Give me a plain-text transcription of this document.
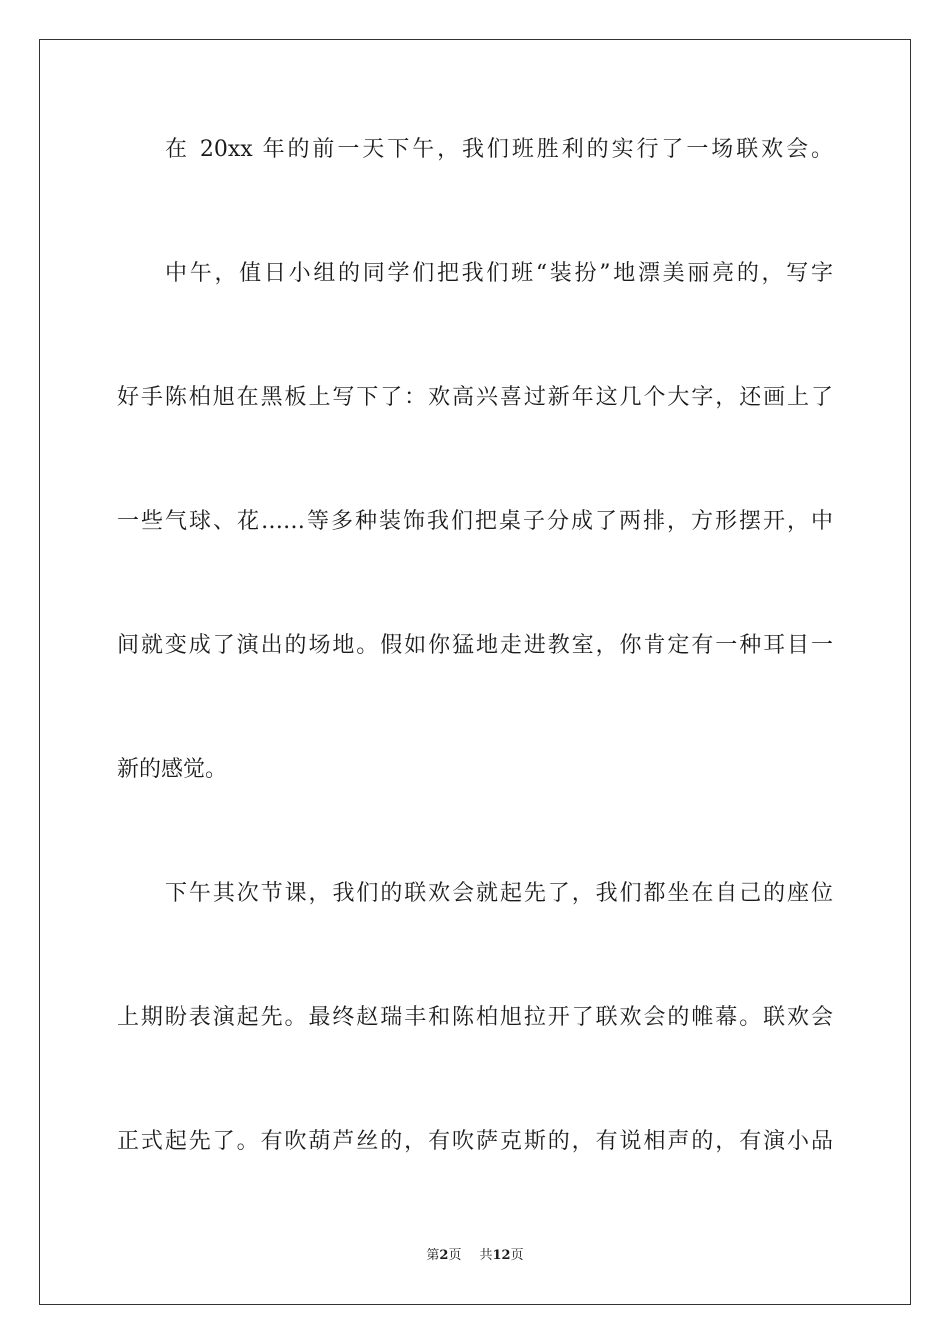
在 20xx 年的前一天下午，我们班胜利的实行了一场联欢会。
中午，值日小组的同学们把我们班“装扮”地漂美丽亮的，写字
好手陈柏旭在黑板上写下了：欢高兴喜过新年这几个大字，还画上了
一些气球、花……等多种装饰我们把桌子分成了两排，方形摆开，中
间就变成了演出的场地。假如你猛地走进教室，你肯定有一种耳目一
新的感觉。
下午其次节课，我们的联欢会就起先了，我们都坐在自己的座位
上期盼表演起先。最终赵瑞丰和陈柏旭拉开了联欢会的帷幕。联欢会
正式起先了。有吹葫芦丝的，有吹萨克斯的，有说相声的，有演小品
第2页 共12页
